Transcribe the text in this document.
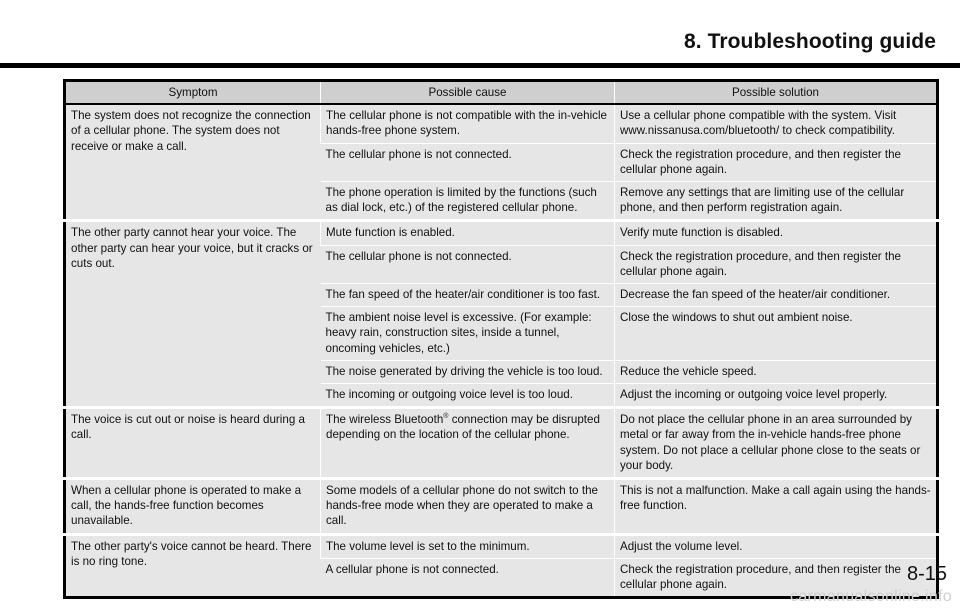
8. Troubleshooting guide
Symptom	Possible cause	Possible solution
The system does not recognize the connection of a cellular phone. The system does not receive or make a call.	The cellular phone is not compatible with the in-vehicle hands-free phone system.	Use a cellular phone compatible with the system. Visit www.nissanusa.com/bluetooth/ to check compatibility.
	The cellular phone is not connected.	Check the registration procedure, and then register the cellular phone again.
	The phone operation is limited by the functions (such as dial lock, etc.) of the registered cellular phone.	Remove any settings that are limiting use of the cellular phone, and then perform registration again.
The other party cannot hear your voice. The other party can hear your voice, but it cracks or cuts out.	Mute function is enabled.	Verify mute function is disabled.
	The cellular phone is not connected.	Check the registration procedure, and then register the cellular phone again.
	The fan speed of the heater/air conditioner is too fast.	Decrease the fan speed of the heater/air conditioner.
	The ambient noise level is excessive. (For example: heavy rain, construction sites, inside a tunnel, oncoming vehicles, etc.)	Close the windows to shut out ambient noise.
	The noise generated by driving the vehicle is too loud.	Reduce the vehicle speed.
	The incoming or outgoing voice level is too loud.	Adjust the incoming or outgoing voice level properly.
The voice is cut out or noise is heard during a call.	The wireless Bluetooth® connection may be disrupted depending on the location of the cellular phone.	Do not place the cellular phone in an area surrounded by metal or far away from the in-vehicle hands-free phone system. Do not place a cellular phone close to the seats or your body.
When a cellular phone is operated to make a call, the hands-free function becomes unavailable.	Some models of a cellular phone do not switch to the hands-free mode when they are operated to make a call.	This is not a malfunction. Make a call again using the hands-free function.
The other party's voice cannot be heard. There is no ring tone.	The volume level is set to the minimum.	Adjust the volume level.
	A cellular phone is not connected.	Check the registration procedure, and then register the cellular phone again.	8-15
carmanualsonline.info
